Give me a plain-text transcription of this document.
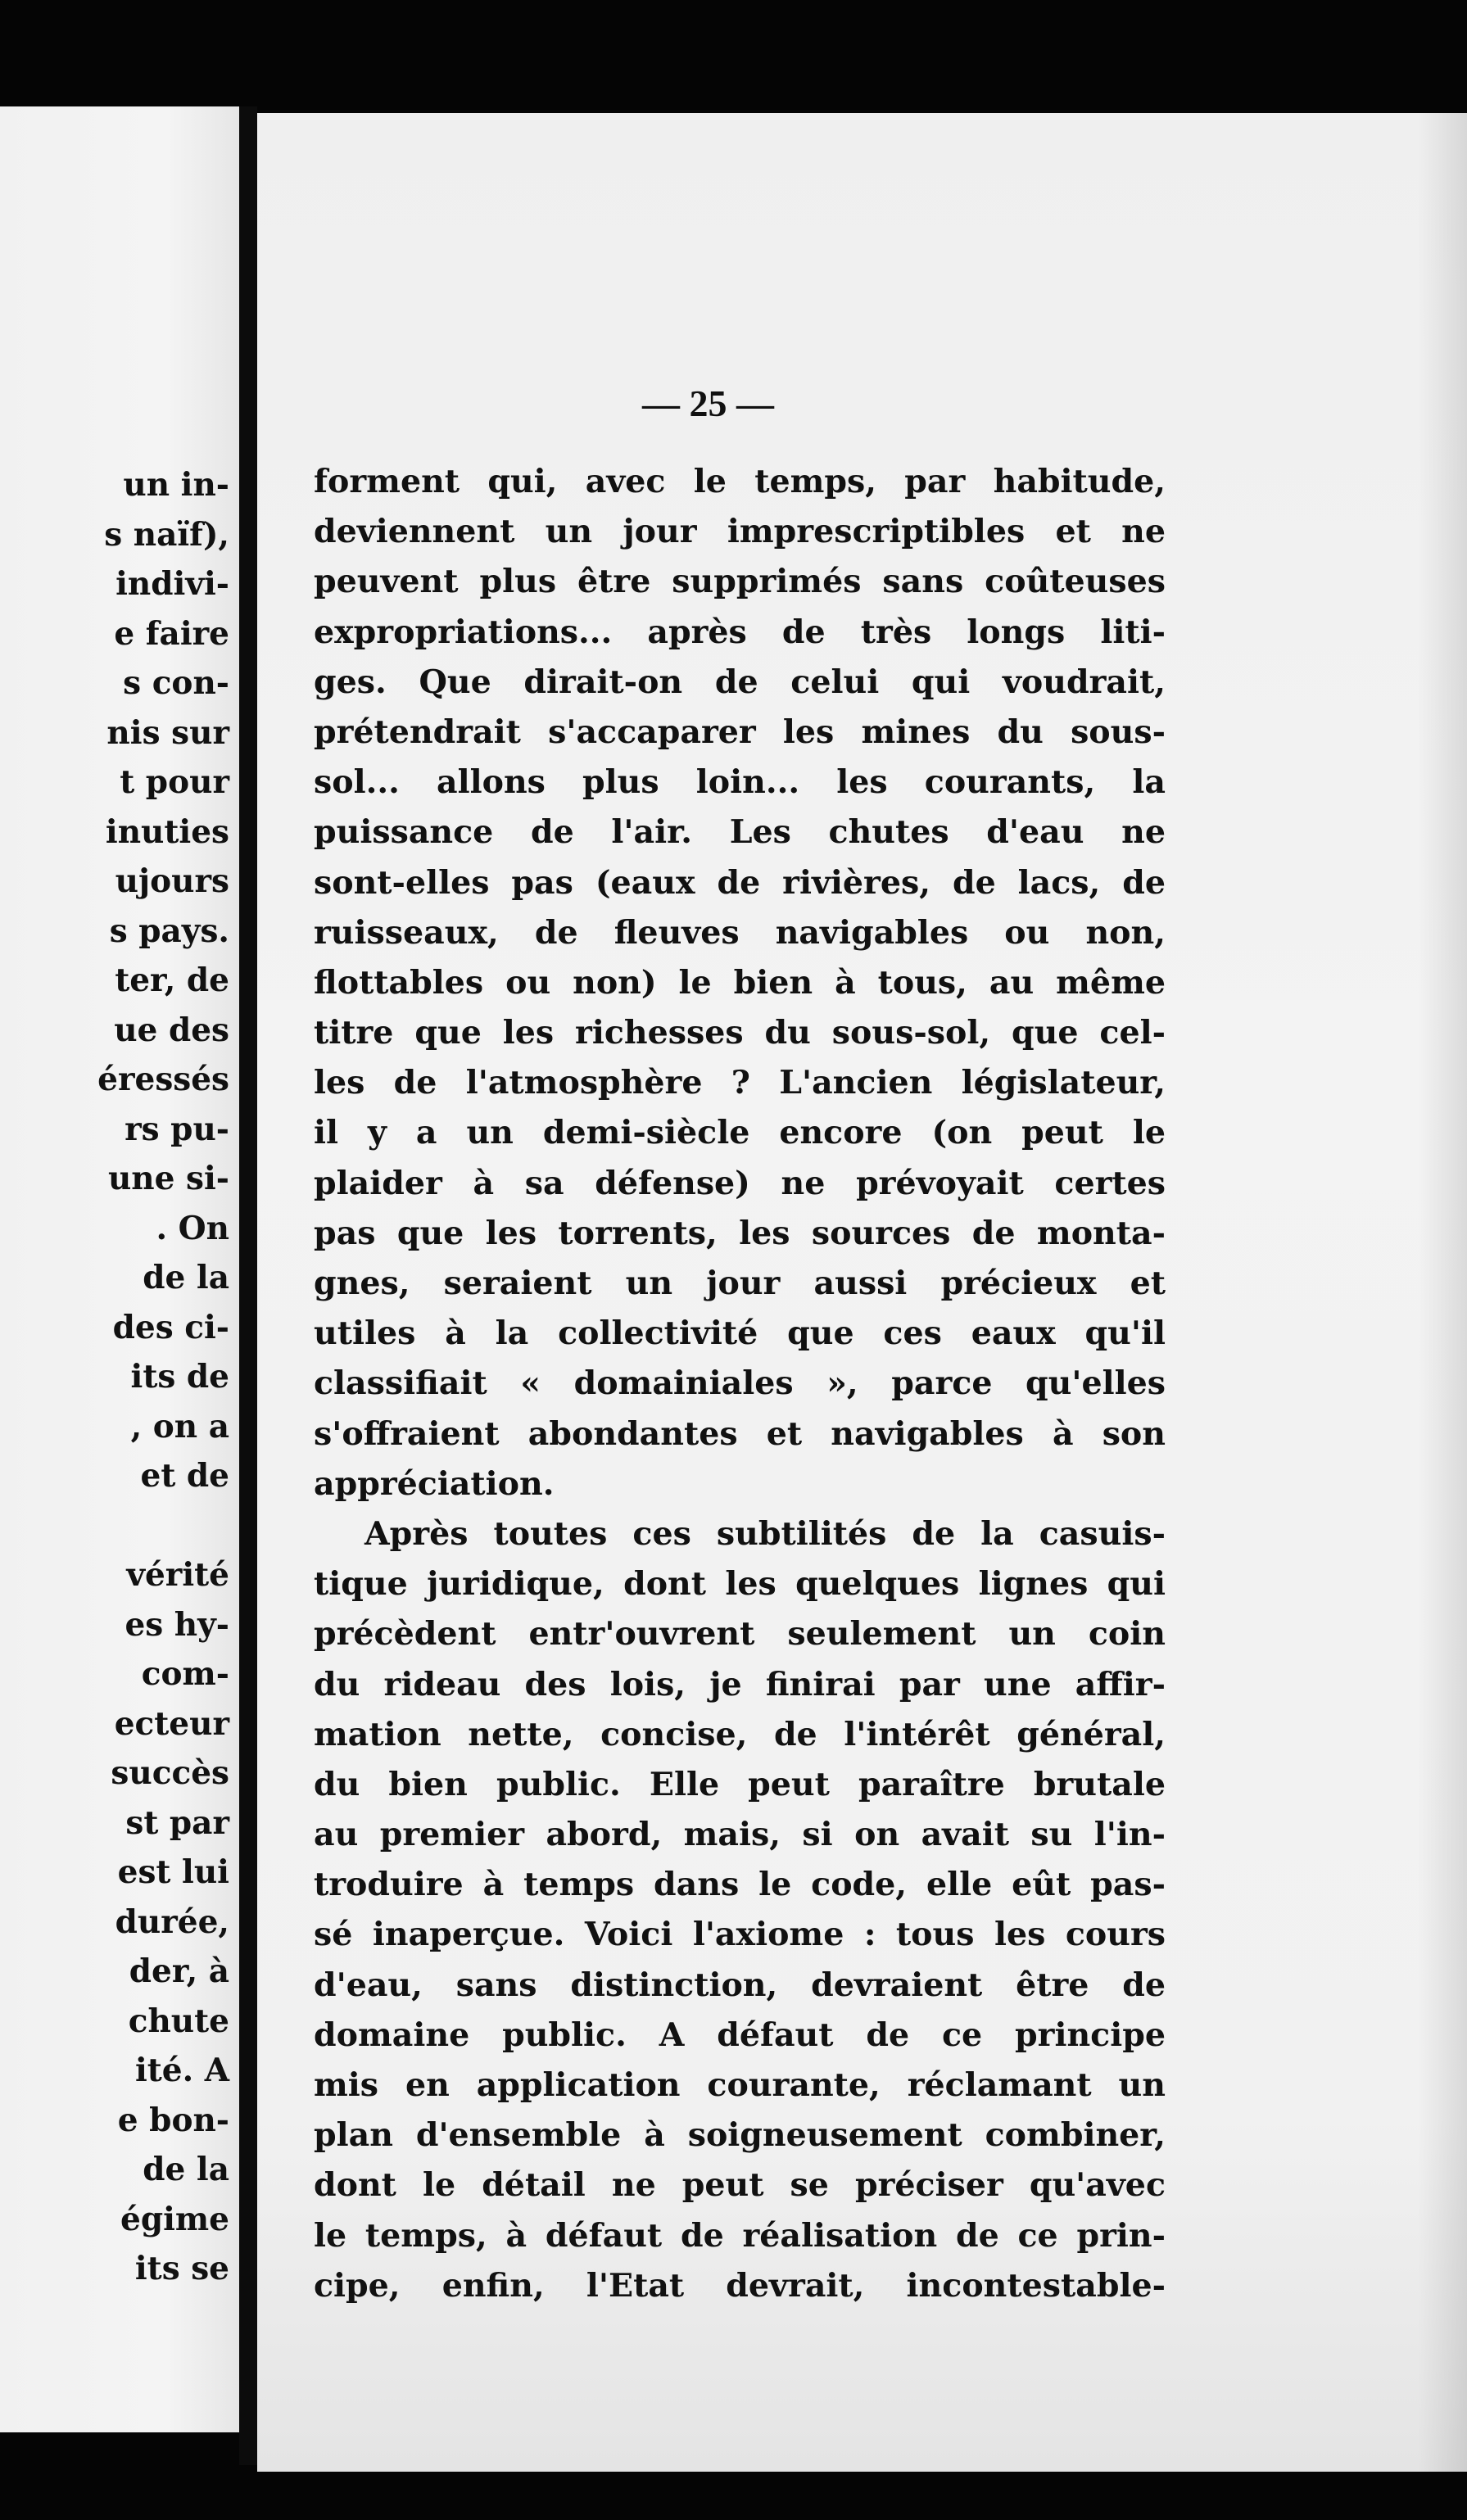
un in-
s naïf),
indivi-
e faire
s con-
nis sur
t pour
inuties
ujours
s pays.
ter, de
ue des
éressés
rs pu-
une si-
. On
de la
des ci-
its de
, on a
et de
vérité
es hy-
com-
ecteur
succès
st par
est lui
durée,
der, à
chute
ité. A
e bon-
de la
égime
its se
— 25 —
forment qui, avec le temps, par habitude,
deviennent un jour imprescriptibles et ne
peuvent plus être supprimés sans coûteuses
expropriations... après de très longs liti-
ges. Que dirait-on de celui qui voudrait,
prétendrait s'accaparer les mines du sous-
sol... allons plus loin... les courants, la
puissance de l'air. Les chutes d'eau ne
sont-elles pas (eaux de rivières, de lacs, de
ruisseaux, de fleuves navigables ou non,
flottables ou non) le bien à tous, au même
titre que les richesses du sous-sol, que cel-
les de l'atmosphère ? L'ancien législateur,
il y a un demi-siècle encore (on peut le
plaider à sa défense) ne prévoyait certes
pas que les torrents, les sources de monta-
gnes, seraient un jour aussi précieux et
utiles à la collectivité que ces eaux qu'il
classifiait « domainiales », parce qu'elles
s'offraient abondantes et navigables à son
appréciation.
Après toutes ces subtilités de la casuis-
tique juridique, dont les quelques lignes qui
précèdent entr'ouvrent seulement un coin
du rideau des lois, je finirai par une affir-
mation nette, concise, de l'intérêt général,
du bien public. Elle peut paraître brutale
au premier abord, mais, si on avait su l'in-
troduire à temps dans le code, elle eût pas-
sé inaperçue. Voici l'axiome : tous les cours
d'eau, sans distinction, devraient être de
domaine public. A défaut de ce principe
mis en application courante, réclamant un
plan d'ensemble à soigneusement combiner,
dont le détail ne peut se préciser qu'avec
le temps, à défaut de réalisation de ce prin-
cipe, enfin, l'Etat devrait, incontestable-
